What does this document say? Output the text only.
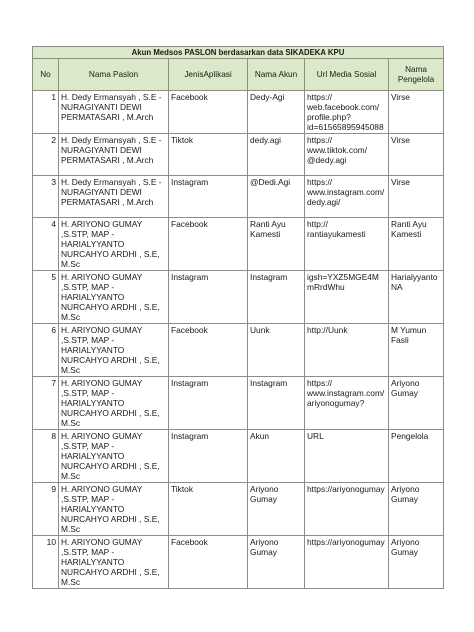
Akun Medsos PASLON berdasarkan data SIKADEKA KPU					
No	Nama Paslon	JenisAplikasi	Nama Akun	Url Media Sosial	Nama Pengelola
1	H. Dedy Ermansyah , S.E - NURAGIYANTI DEWI PERMATASARI , M.Arch	Facebook	Dedy-Agi	https:// web.facebook.com/ profile.php? id=61565895945088	Virse
2	H. Dedy Ermansyah , S.E - NURAGIYANTI DEWI PERMATASARI , M.Arch	Tiktok	dedy.agi	https:// www.tiktok.com/ @dedy.agi	Virse
3	H. Dedy Ermansyah , S.E - NURAGIYANTI DEWI PERMATASARI , M.Arch	Instagram	@Dedi.Agi	https:// www.instagram.com/ dedy.agi/	Virse
4	H. ARIYONO GUMAY ,S.STP, MAP - HARIALYYANTO NURCAHYO ARDHI , S.E, M.Sc	Facebook	Ranti Ayu Kamesti	http:// rantiayukamesti	Ranti Ayu Kamesti
5	H. ARIYONO GUMAY ,S.STP, MAP - HARIALYYANTO NURCAHYO ARDHI , S.E, M.Sc	Instagram	Instagram	igsh=YXZ5MGE4M mRrdWhu	Harialyyanto NA
6	H. ARIYONO GUMAY ,S.STP, MAP - HARIALYYANTO NURCAHYO ARDHI , S.E, M.Sc	Facebook	Uunk	http://Uunk	M Yumun Fasli
7	H. ARIYONO GUMAY ,S.STP, MAP - HARIALYYANTO NURCAHYO ARDHI , S.E, M.Sc	Instagram	Instagram	https:// www.instagram.com/ ariyonogumay?	Ariyono Gumay
8	H. ARIYONO GUMAY ,S.STP, MAP - HARIALYYANTO NURCAHYO ARDHI , S.E, M.Sc	Instagram	Akun	URL	Pengelola
9	H. ARIYONO GUMAY ,S.STP, MAP - HARIALYYANTO NURCAHYO ARDHI , S.E, M.Sc	Tiktok	Ariyono Gumay	https://ariyonogumay	Ariyono Gumay
10	H. ARIYONO GUMAY ,S.STP, MAP - HARIALYYANTO NURCAHYO ARDHI , S.E, M.Sc	Facebook	Ariyono Gumay	https://ariyonogumay	Ariyono Gumay
